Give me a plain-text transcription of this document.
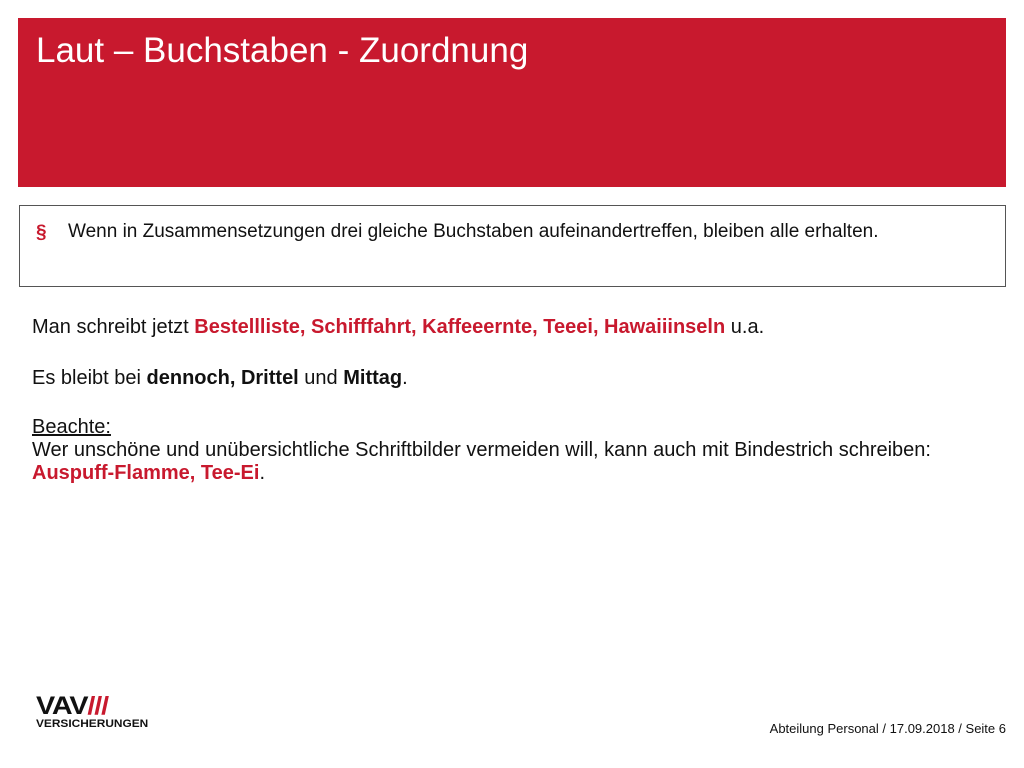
Laut – Buchstaben - Zuordnung
§ Wenn in Zusammensetzungen drei gleiche Buchstaben aufeinandertreffen, bleiben alle erhalten.

Man schreibt jetzt Bestellliste, Schifffahrt, Kaffeeernte, Teeei, Hawaiiinseln u.a.

Es bleibt bei dennoch, Drittel und Mittag.

Beachte:

Wer unschöne und unübersichtliche Schriftbilder vermeiden will, kann auch mit Bindestrich schreiben: Auspuff-Flamme, Tee-Ei.

VAV///
VERSICHERUNGEN	Abteilung Personal / 17.09.2018 / Seite 6
